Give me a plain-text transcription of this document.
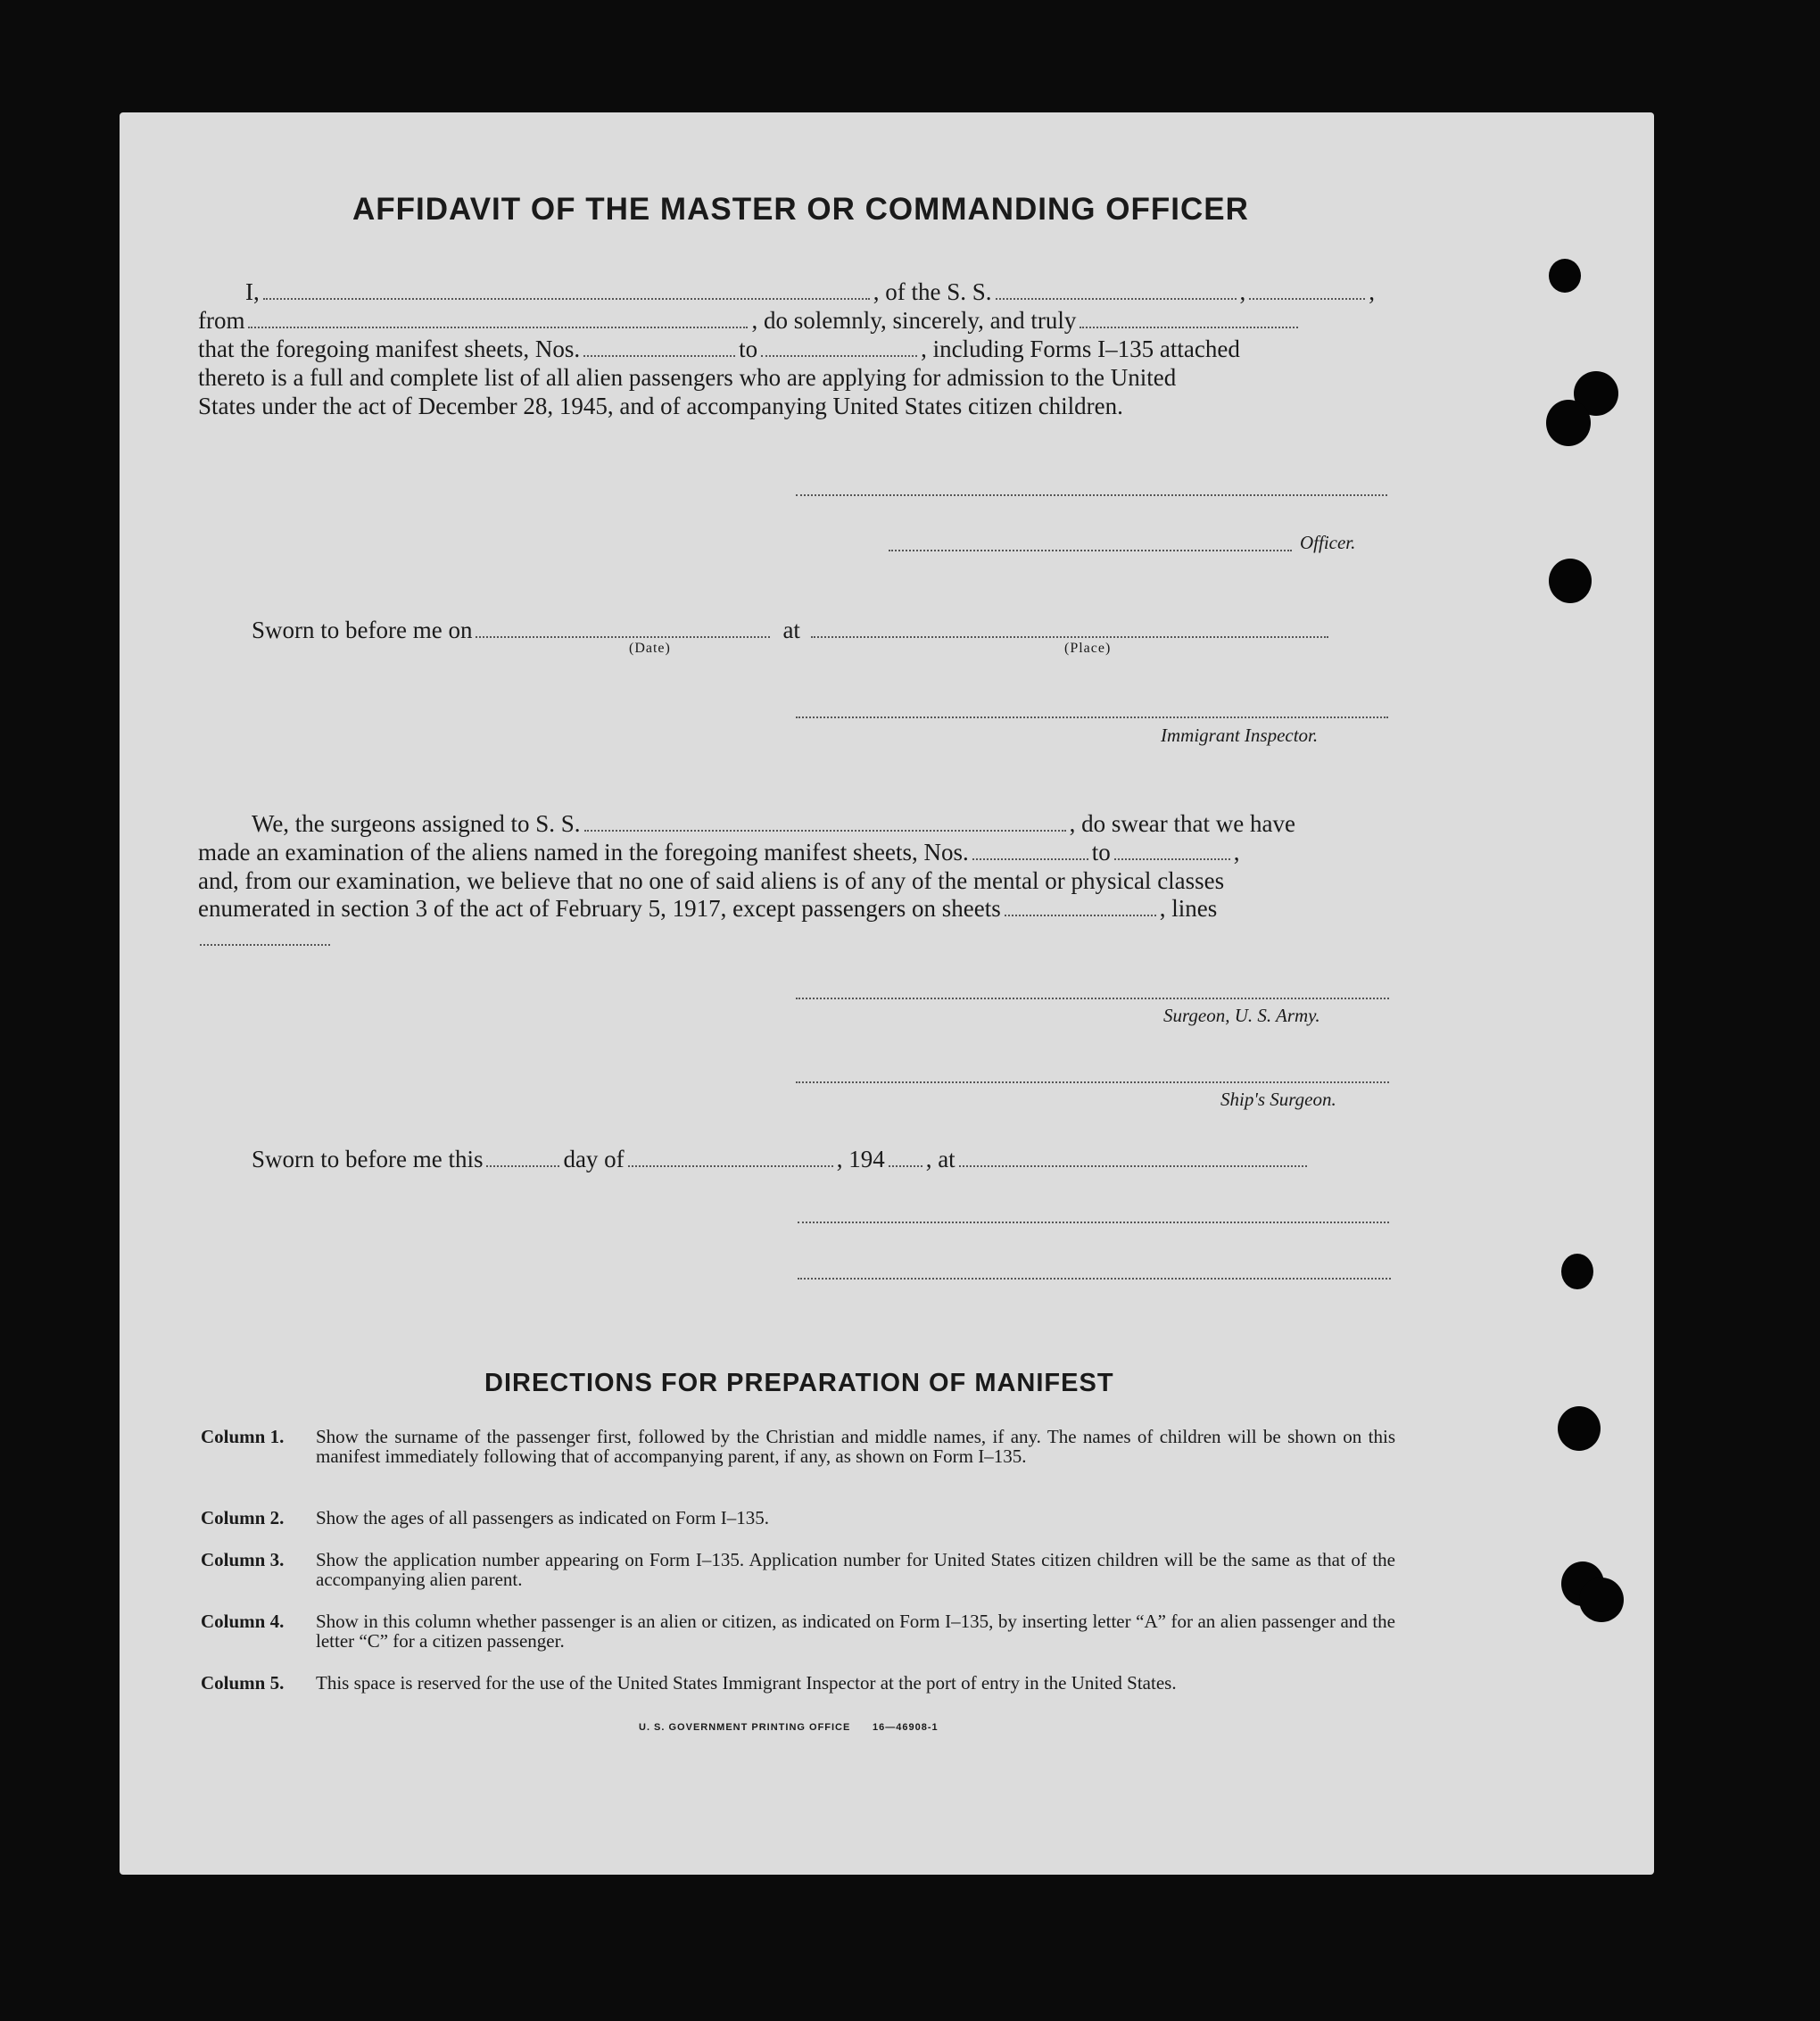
AFFIDAVIT OF THE MASTER OR COMMANDING OFFICER
I,	, of the S. S.	,	,
from	, do solemnly, sincerely, and truly
that the foregoing manifest sheets, Nos.	to	, including Forms I–135 attached
thereto is a full and complete list of all alien passengers who are applying for admission to the United
States under the act of December 28, 1945, and of accompanying United States citizen children.
Officer.
Sworn to before me on	at
(Date)	(Place)
Immigrant Inspector.
We, the surgeons assigned to S. S.	, do swear that we have
made an examination of the aliens named in the foregoing manifest sheets, Nos.	to	,
and, from our examination, we believe that no one of said aliens is of any of the mental or physical classes
enumerated in section 3 of the act of February 5, 1917, except passengers on sheets	, lines
Surgeon, U. S. Army.
Ship's Surgeon.
Sworn to before me this	day of	, 194 , at
DIRECTIONS FOR PREPARATION OF MANIFEST
Column 1. Show the surname of the passenger first, followed by the Christian and middle names, if any. The names of children will be shown on this manifest immediately following that of accompanying parent, if any, as shown on Form I–135.
Column 2. Show the ages of all passengers as indicated on Form I–135.
Column 3. Show the application number appearing on Form I–135. Application number for United States citizen children will be the same as that of the accompanying alien parent.
Column 4. Show in this column whether passenger is an alien or citizen, as indicated on Form I–135, by inserting letter “A” for an alien passenger and the letter “C” for a citizen passenger.
Column 5. This space is reserved for the use of the United States Immigrant Inspector at the port of entry in the United States.
U. S. GOVERNMENT PRINTING OFFICE 16—46908-1
